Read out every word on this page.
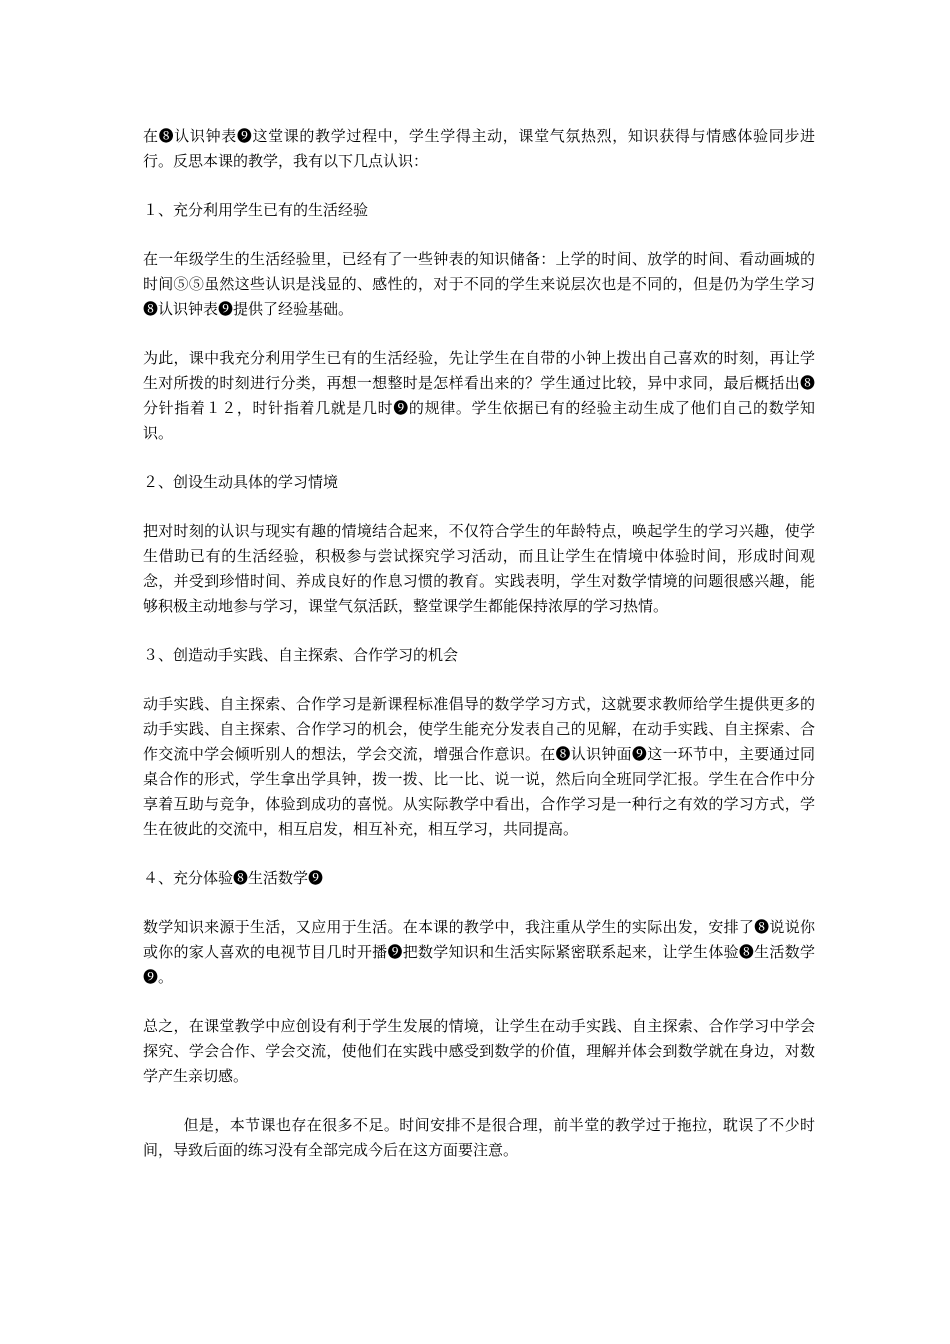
在❽认识钟表❾这堂课的教学过程中，学生学得主动，课堂气氛热烈，知识获得与情感体验同步进行。反思本课的教学，我有以下几点认识：

１、充分利用学生已有的生活经验

在一年级学生的生活经验里，已经有了一些钟表的知识储备：上学的时间、放学的时间、看动画城的时间⑤⑤虽然这些认识是浅显的、感性的，对于不同的学生来说层次也是不同的，但是仍为学生学习❽认识钟表❾提供了经验基础。

为此，课中我充分利用学生已有的生活经验，先让学生在自带的小钟上拨出自己喜欢的时刻，再让学生对所拨的时刻进行分类，再想一想整时是怎样看出来的？学生通过比较，异中求同，最后概括出❽分针指着１２，时针指着几就是几时❾的规律。学生依据已有的经验主动生成了他们自己的数学知识。

２、创设生动具体的学习情境

把对时刻的认识与现实有趣的情境结合起来，不仅符合学生的年龄特点，唤起学生的学习兴趣，使学生借助已有的生活经验，积极参与尝试探究学习活动，而且让学生在情境中体验时间，形成时间观念，并受到珍惜时间、养成良好的作息习惯的教育。实践表明，学生对数学情境的问题很感兴趣，能够积极主动地参与学习，课堂气氛活跃，整堂课学生都能保持浓厚的学习热情。

３、创造动手实践、自主探索、合作学习的机会

动手实践、自主探索、合作学习是新课程标准倡导的数学学习方式，这就要求教师给学生提供更多的动手实践、自主探索、合作学习的机会，使学生能充分发表自己的见解，在动手实践、自主探索、合作交流中学会倾听别人的想法，学会交流，增强合作意识。在❽认识钟面❾这一环节中，主要通过同桌合作的形式，学生拿出学具钟，拨一拨、比一比、说一说，然后向全班同学汇报。学生在合作中分享着互助与竞争，体验到成功的喜悦。从实际教学中看出，合作学习是一种行之有效的学习方式，学生在彼此的交流中，相互启发，相互补充，相互学习，共同提高。

４、充分体验❽生活数学❾

数学知识来源于生活，又应用于生活。在本课的教学中，我注重从学生的实际出发，安排了❽说说你或你的家人喜欢的电视节目几时开播❾把数学知识和生活实际紧密联系起来，让学生体验❽生活数学❾。

总之，在课堂教学中应创设有利于学生发展的情境，让学生在动手实践、自主探索、合作学习中学会探究、学会合作、学会交流，使他们在实践中感受到数学的价值，理解并体会到数学就在身边，对数学产生亲切感。

但是，本节课也存在很多不足。时间安排不是很合理，前半堂的教学过于拖拉，耽误了不少时间，导致后面的练习没有全部完成今后在这方面要注意。
